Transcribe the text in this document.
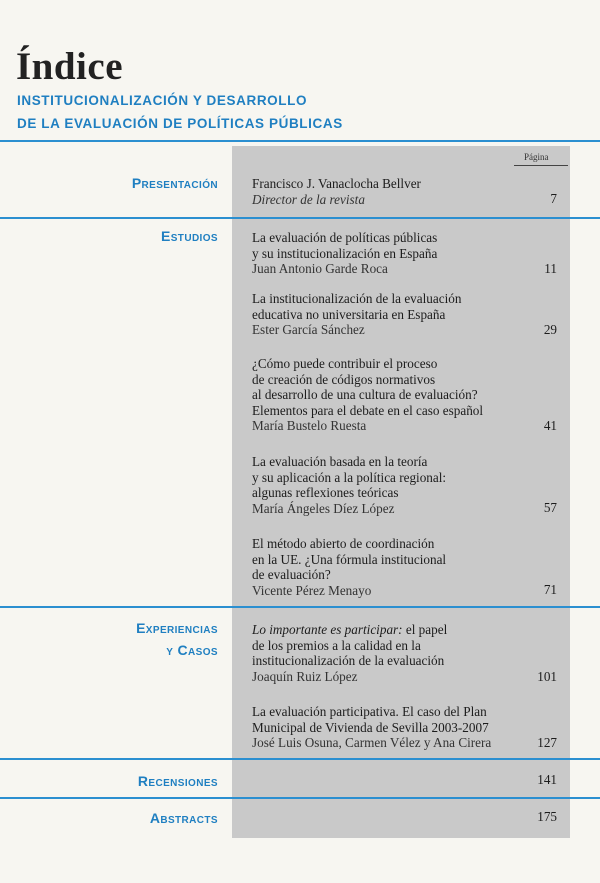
Índice
INSTITUCIONALIZACIÓN Y DESARROLLO
DE LA EVALUACIÓN DE POLÍTICAS PÚBLICAS
Página
Presentación	Francisco J. Vanaclocha Bellver
Director de la revista	7
Estudios	La evaluación de políticas públicas
y su institucionalización en España
Juan Antonio Garde Roca	11
La institucionalización de la evaluación
educativa no universitaria en España
Ester García Sánchez	29
¿Cómo puede contribuir el proceso
de creación de códigos normativos
al desarrollo de una cultura de evaluación?
Elementos para el debate en el caso español
María Bustelo Ruesta	41
La evaluación basada en la teoría
y su aplicación a la política regional:
algunas reflexiones teóricas
María Ángeles Díez López	57
El método abierto de coordinación
en la UE. ¿Una fórmula institucional
de evaluación?
Vicente Pérez Menayo	71
Experiencias
y Casos
Lo importante es participar: el papel
de los premios a la calidad en la
institucionalización de la evaluación
Joaquín Ruiz López	101
La evaluación participativa. El caso del Plan
Municipal de Vivienda de Sevilla 2003-2007
José Luis Osuna, Carmen Vélez y Ana Cirera	127
Recensiones	141
Abstracts	175
